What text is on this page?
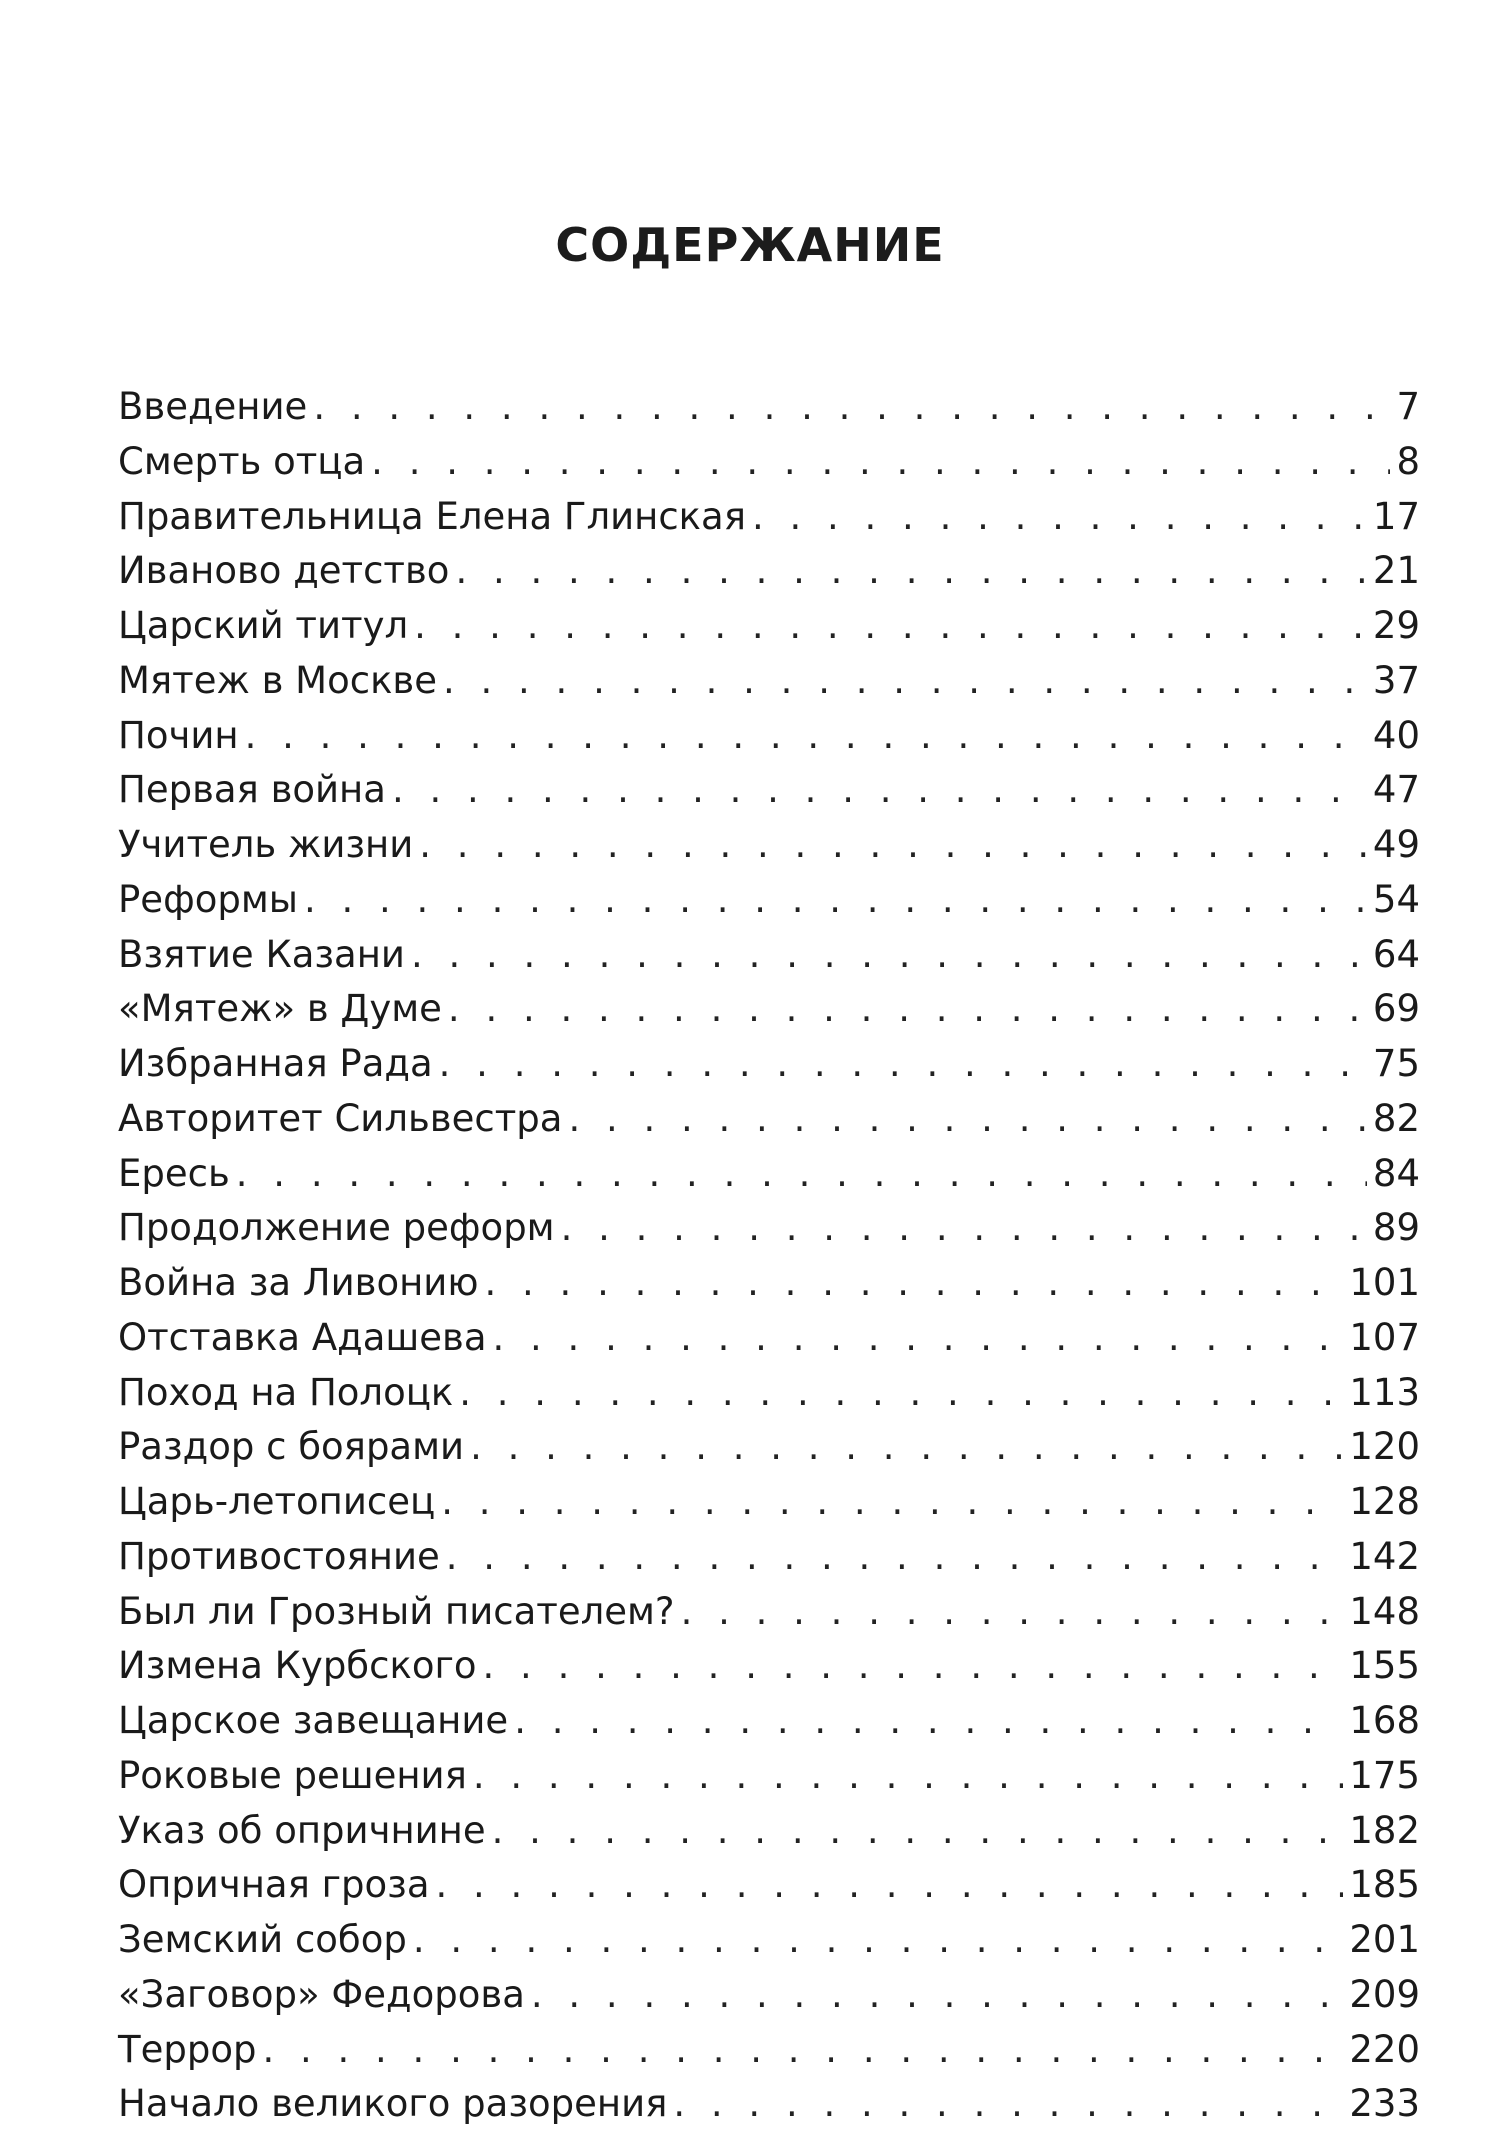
СОДЕРЖАНИЕ
Введение . . .	7
Смерть отца . . .	8
Правительница Елена Глинская . . .	17
Иваново детство . . .	21
Царский титул . . .	29
Мятеж в Москве . . .	37
Почин . . .	40
Первая война . . .	47
Учитель жизни . . .	49
Реформы . . .	54
Взятие Казани . . .	64
«Мятеж» в Думе . . .	69
Избранная Рада . . .	75
Авторитет Сильвестра . . .	82
Ересь . . .	84
Продолжение реформ . . .	89
Война за Ливонию . . .	101
Отставка Адашева . . .	107
Поход на Полоцк . . .	113
Раздор с боярами . . .	120
Царь-летописец . . .	128
Противостояние . . .	142
Был ли Грозный писателем? . . .	148
Измена Курбского . . .	155
Царское завещание . . .	168
Роковые решения . . .	175
Указ об опричнине . . .	182
Опричная гроза . . .	185
Земский собор . . .	201
«Заговор» Федорова . . .	209
Террор . . .	220
Начало великого разорения . . .	233
